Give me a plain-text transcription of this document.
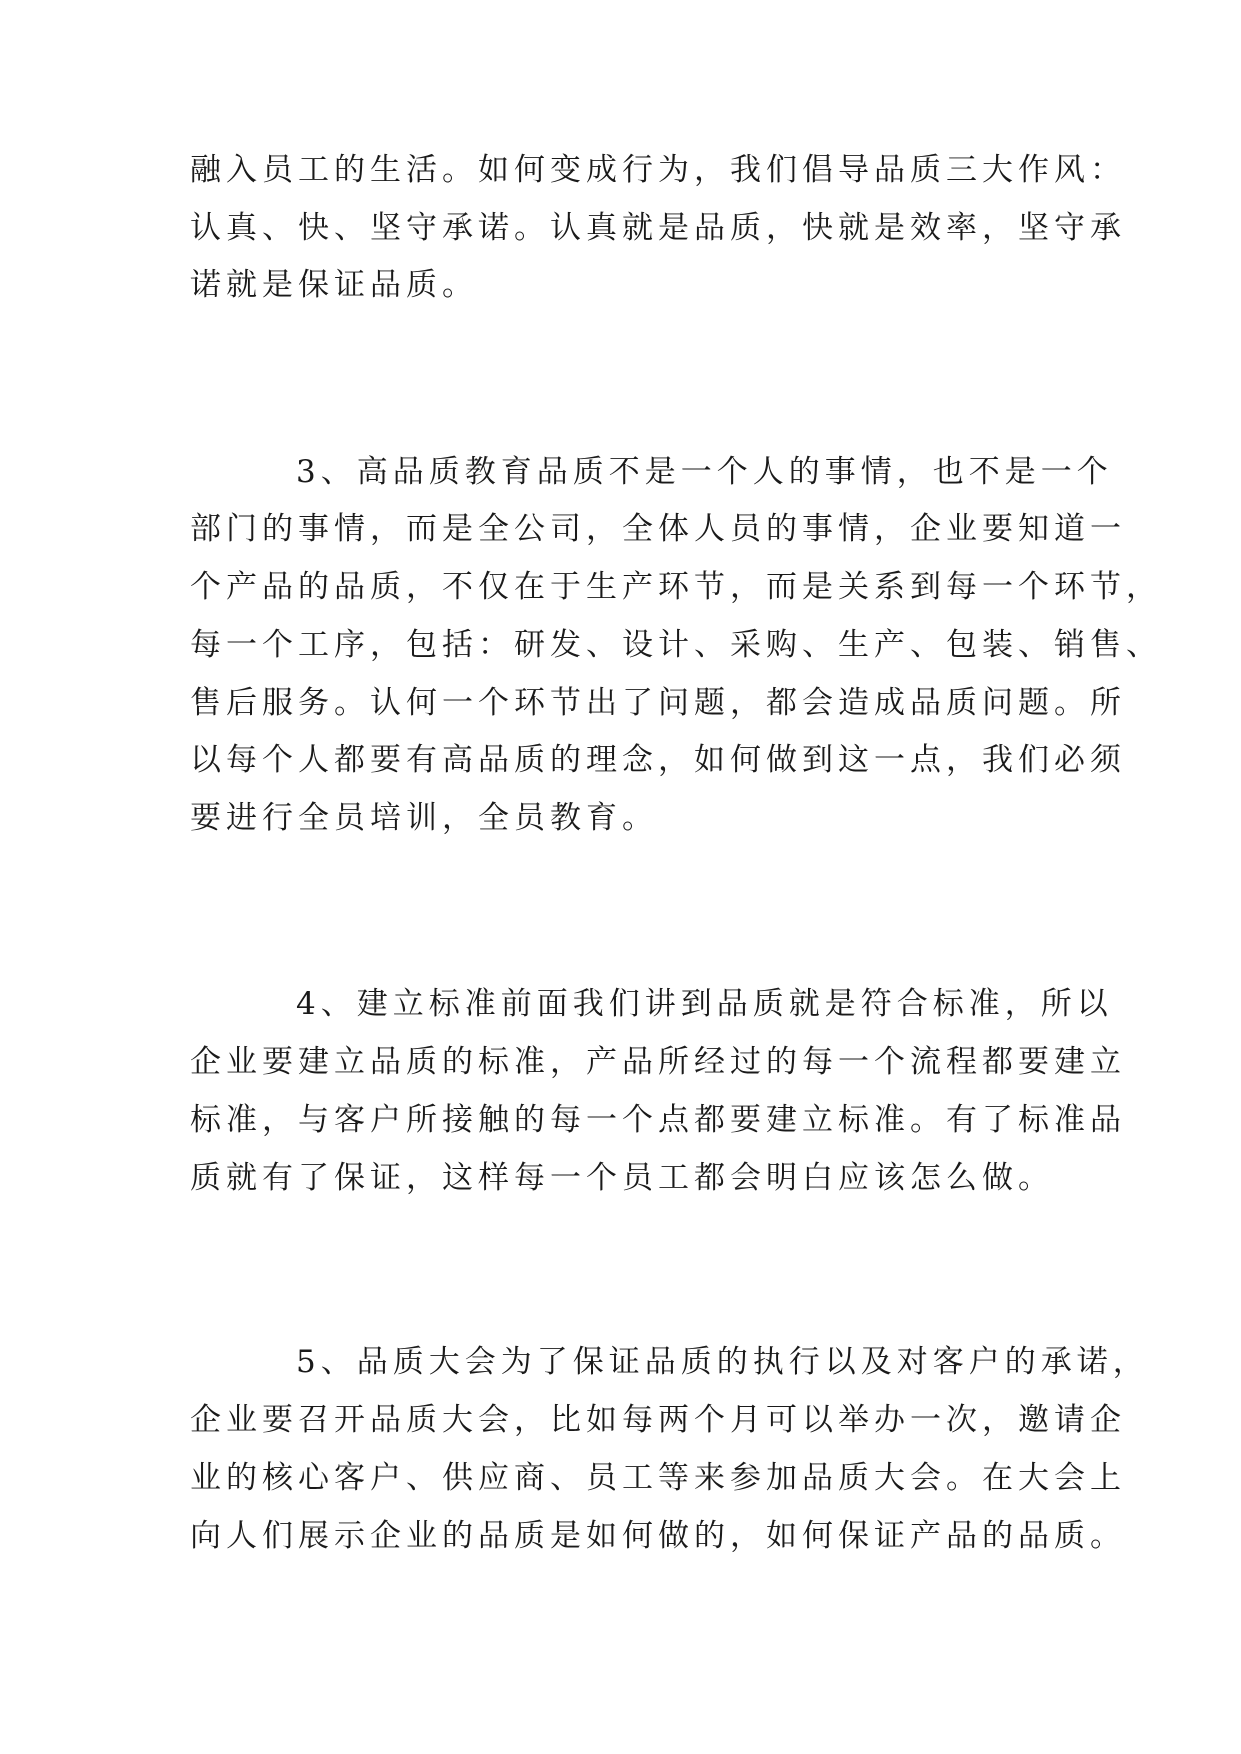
融入员工的生活。如何变成行为，我们倡导品质三大作风：
认真、快、坚守承诺。认真就是品质，快就是效率，坚守承
诺就是保证品质。
3、高品质教育品质不是一个人的事情，也不是一个
部门的事情，而是全公司，全体人员的事情，企业要知道一
个产品的品质，不仅在于生产环节，而是关系到每一个环节，
每一个工序，包括：研发、设计、采购、生产、包装、销售、
售后服务。认何一个环节出了问题，都会造成品质问题。所
以每个人都要有高品质的理念，如何做到这一点，我们必须
要进行全员培训，全员教育。
4、建立标准前面我们讲到品质就是符合标准，所以
企业要建立品质的标准，产品所经过的每一个流程都要建立
标准，与客户所接触的每一个点都要建立标准。有了标准品
质就有了保证，这样每一个员工都会明白应该怎么做。
5、品质大会为了保证品质的执行以及对客户的承诺，
企业要召开品质大会，比如每两个月可以举办一次，邀请企
业的核心客户、供应商、员工等来参加品质大会。在大会上
向人们展示企业的品质是如何做的，如何保证产品的品质。
